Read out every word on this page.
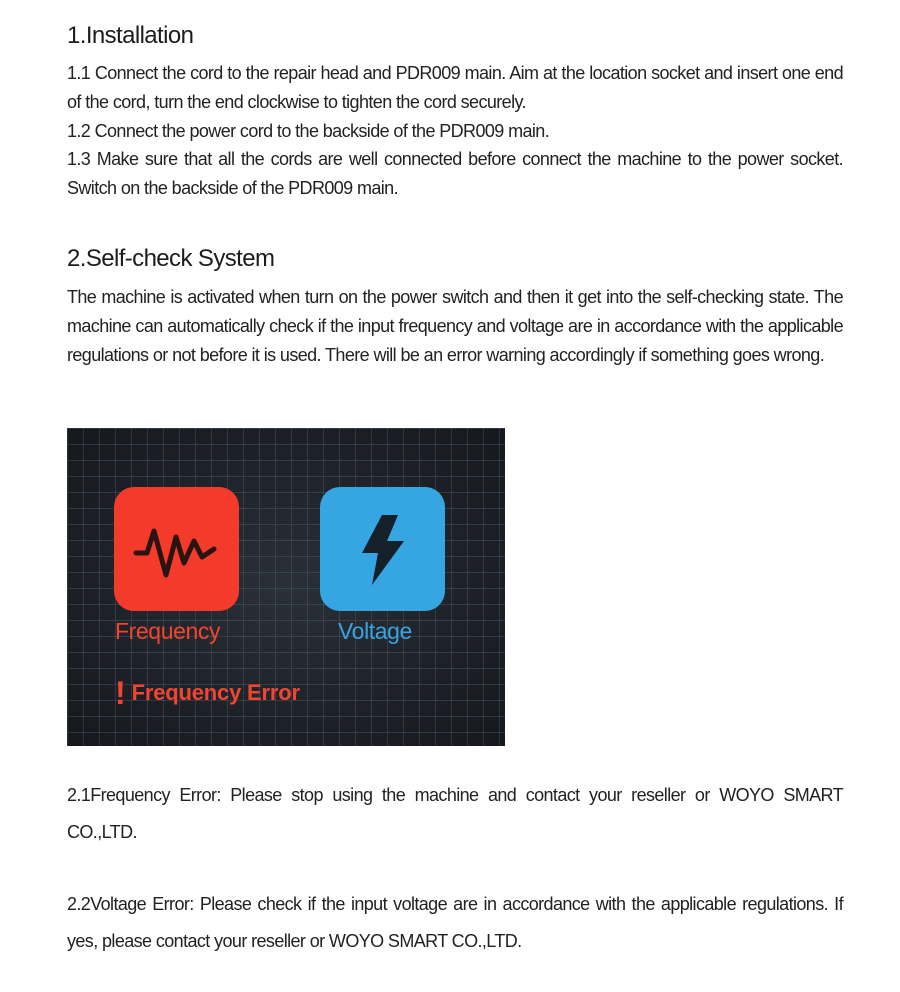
1.Installation

1.1 Connect the cord to the repair head and PDR009 main. Aim at the location socket and insert one end of the cord, turn the end clockwise to tighten the cord securely.

1.2 Connect the power cord to the backside of the PDR009 main.

1.3 Make sure that all the cords are well connected before connect the machine to the power socket. Switch on the backside of the PDR009 main.

2.Self-check System

The machine is activated when turn on the power switch and then it get into the self-checking state. The machine can automatically check if the input frequency and voltage are in accordance with the applicable regulations or not before it is used. There will be an error warning accordingly if something goes wrong.

Frequency	Voltage
! Frequency Error

2.1Frequency Error: Please stop using the machine and contact your reseller or WOYO SMART CO.,LTD.

2.2Voltage Error: Please check if the input voltage are in accordance with the applicable regulations. If yes, please contact your reseller or WOYO SMART CO.,LTD.
